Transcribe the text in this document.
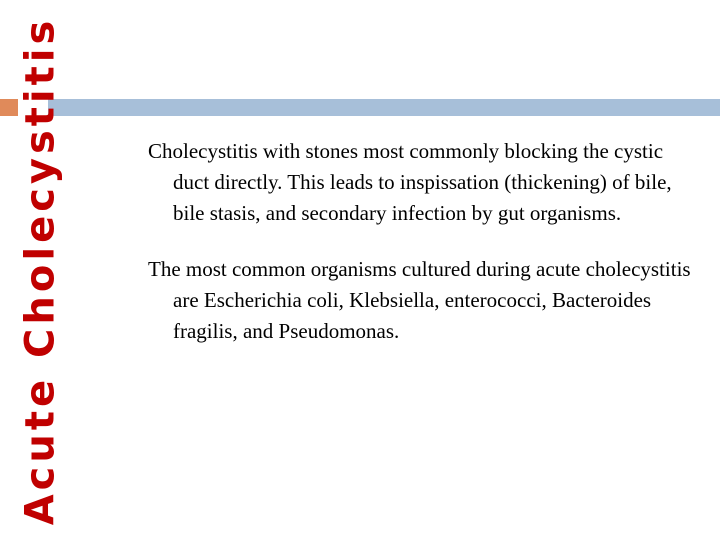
Acute Cholecystitis	Cholecystitis with stones most commonly blocking the cystic duct directly. This leads to inspissation (thickening) of bile, bile stasis, and secondary infection by gut organisms.

The most common organisms cultured during acute cholecystitis are Escherichia coli, Klebsiella, enterococci, Bacteroides fragilis, and Pseudomonas.
